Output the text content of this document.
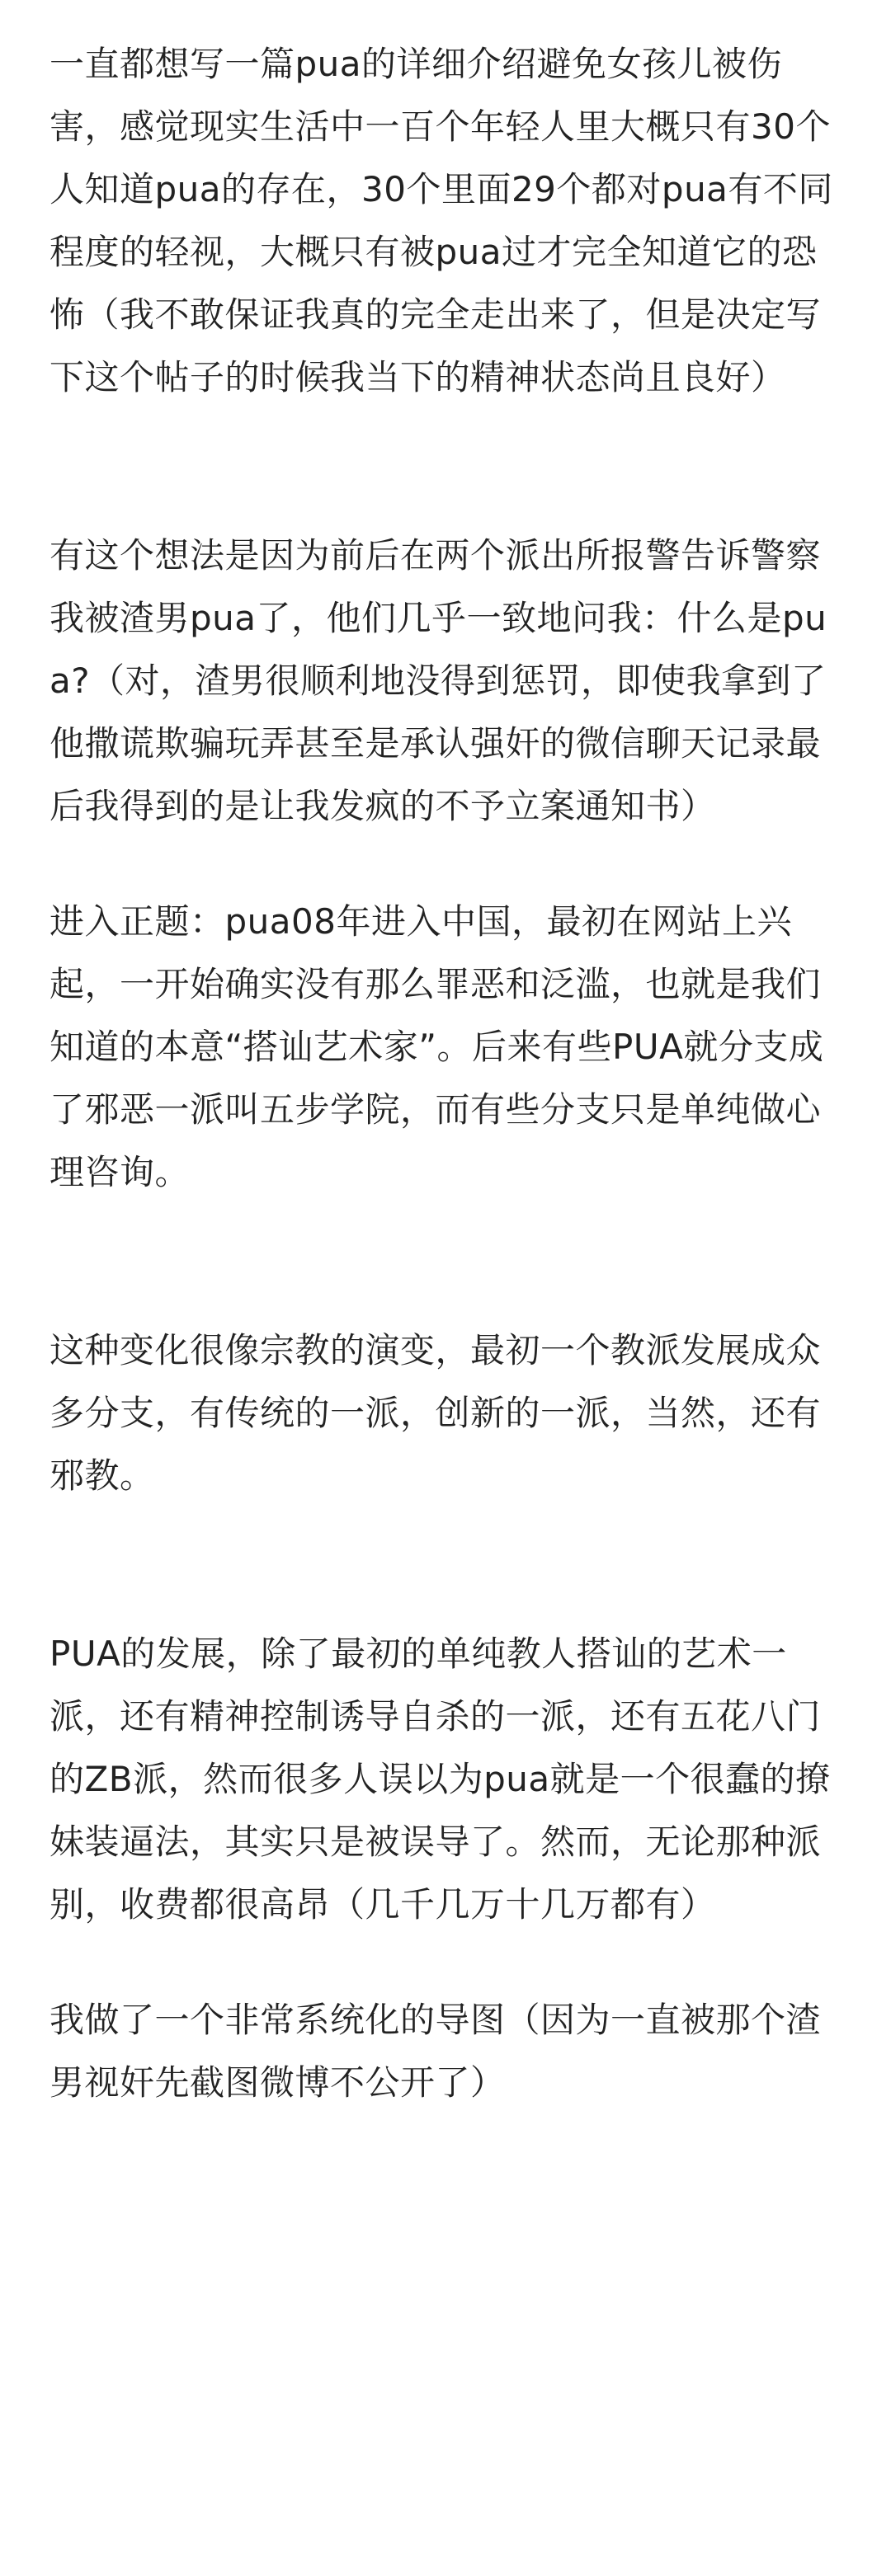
一直都想写一篇pua的详细介绍避免女孩儿被伤害，感觉现实生活中一百个年轻人里大概只有30个人知道pua的存在，30个里面29个都对pua有不同程度的轻视，大概只有被pua过才完全知道它的恐怖（我不敢保证我真的完全走出来了，但是决定写下这个帖子的时候我当下的精神状态尚且良好）

有这个想法是因为前后在两个派出所报警告诉警察我被渣男pua了，他们几乎一致地问我：什么是pua?（对，渣男很顺利地没得到惩罚，即使我拿到了他撒谎欺骗玩弄甚至是承认强奸的微信聊天记录最后我得到的是让我发疯的不予立案通知书）

进入正题：pua08年进入中国，最初在网站上兴起，一开始确实没有那么罪恶和泛滥，也就是我们知道的本意“搭讪艺术家”。后来有些PUA就分支成了邪恶一派叫五步学院，而有些分支只是单纯做心理咨询。

这种变化很像宗教的演变，最初一个教派发展成众多分支，有传统的一派，创新的一派，当然，还有邪教。

PUA的发展，除了最初的单纯教人搭讪的艺术一派，还有精神控制诱导自杀的一派，还有五花八门的ZB派，然而很多人误以为pua就是一个很蠢的撩妹装逼法，其实只是被误导了。然而，无论那种派别，收费都很高昂（几千几万十几万都有）

我做了一个非常系统化的导图（因为一直被那个渣男视奸先截图微博不公开了）
